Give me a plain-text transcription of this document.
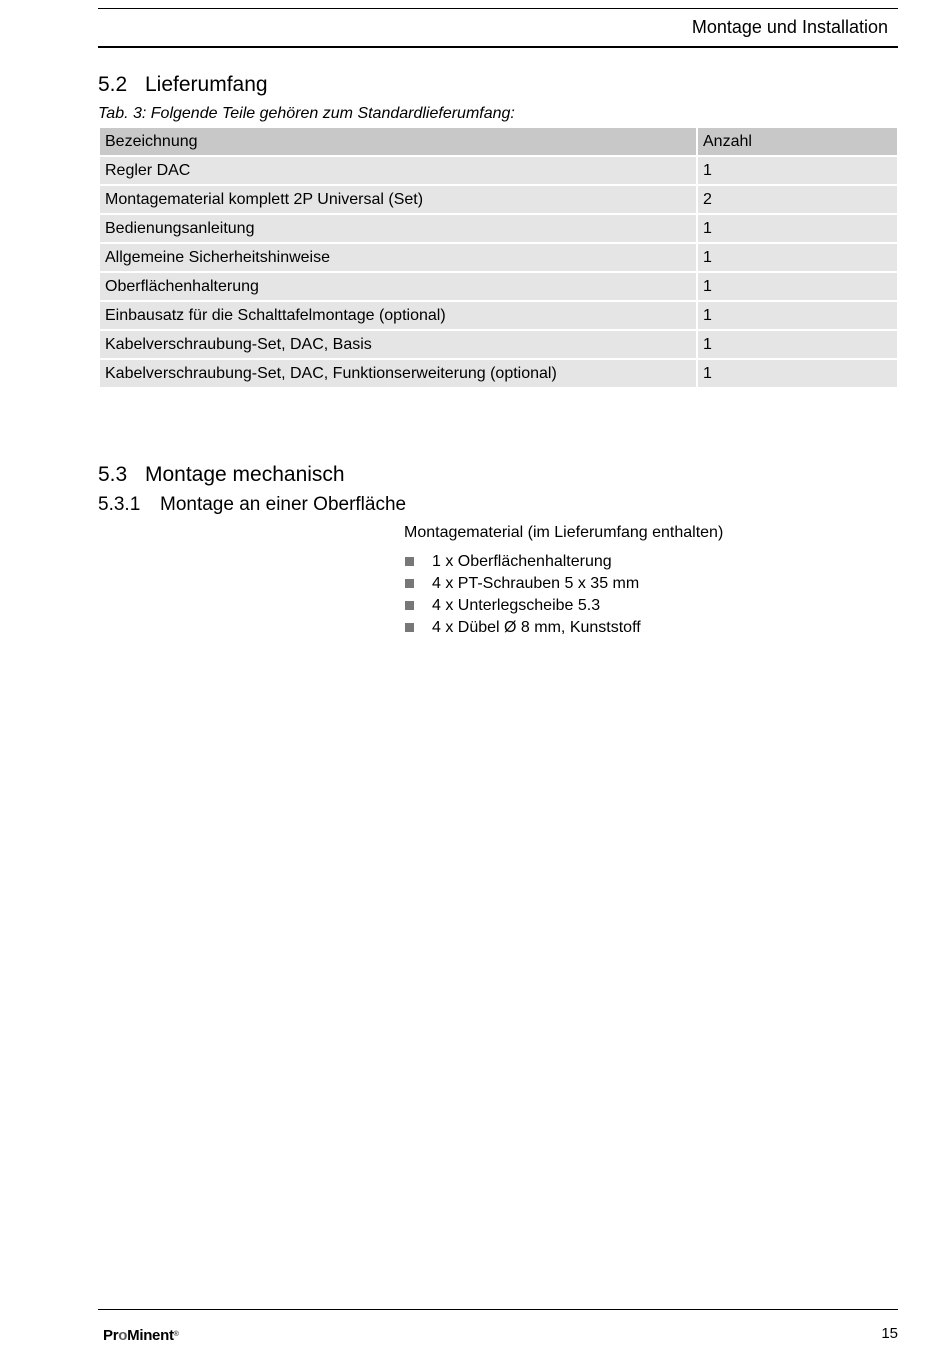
Montage und Installation
5.2 Lieferumfang
Tab. 3: Folgende Teile gehören zum Standardlieferumfang:
Bezeichnung	Anzahl
Regler DAC	1
Montagematerial komplett 2P Universal (Set)	2
Bedienungsanleitung	1
Allgemeine Sicherheitshinweise	1
Oberflächenhalterung	1
Einbausatz für die Schalttafelmontage (optional)	1
Kabelverschraubung-Set, DAC, Basis	1
Kabelverschraubung-Set, DAC, Funktionserweiterung (optional)	1
5.3 Montage mechanisch
5.3.1 Montage an einer Oberfläche
Montagematerial (im Lieferumfang enthalten)
1 x Oberflächenhalterung
4 x PT-Schrauben 5 x 35 mm
4 x Unterlegscheibe 5.3
4 x Dübel Ø 8 mm, Kunststoff
ProMinent®	15
